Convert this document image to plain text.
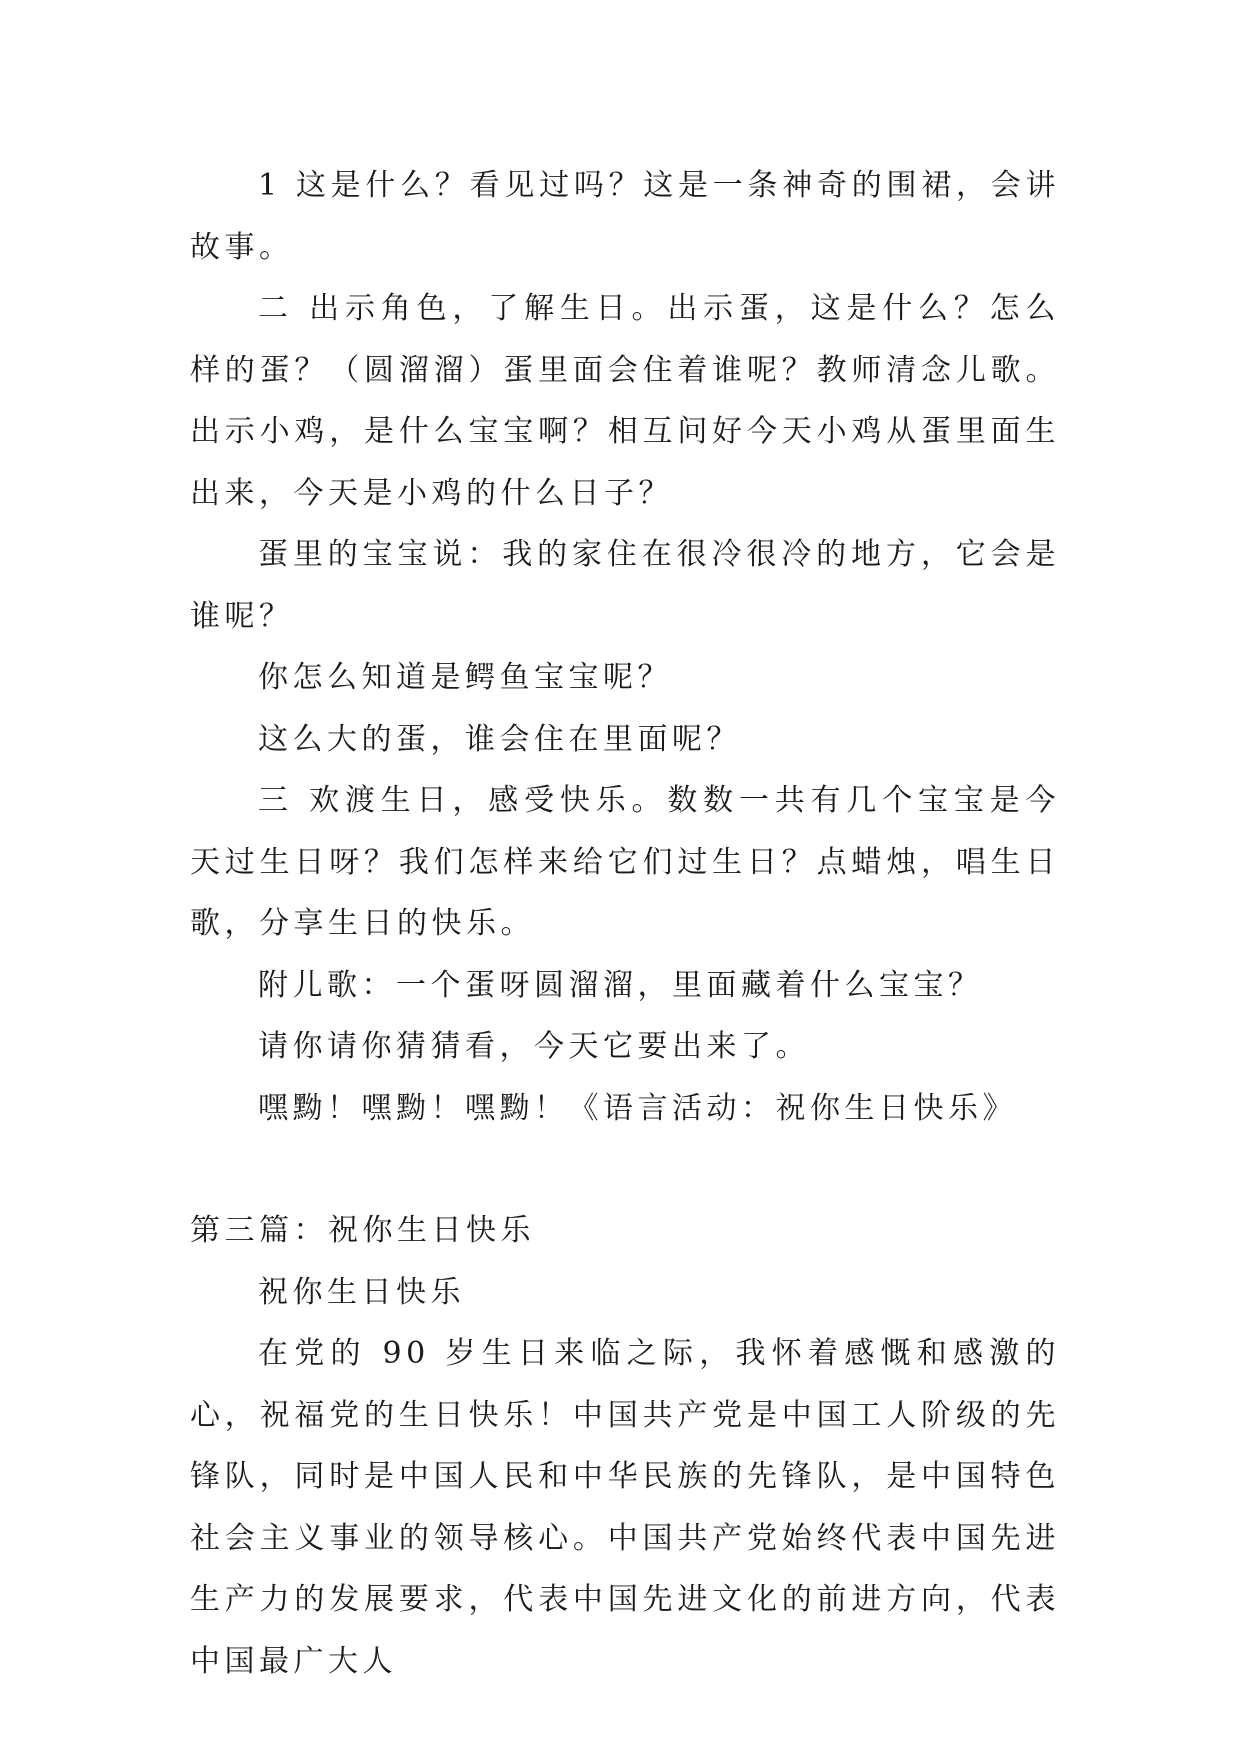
1 这是什么？看见过吗？这是一条神奇的围裙，会讲故事。

二 出示角色，了解生日。出示蛋，这是什么？怎么样的蛋？（圆溜溜）蛋里面会住着谁呢？教师清念儿歌。出示小鸡，是什么宝宝啊？相互问好今天小鸡从蛋里面生出来，今天是小鸡的什么日子？

蛋里的宝宝说：我的家住在很冷很冷的地方，它会是谁呢？

你怎么知道是鳄鱼宝宝呢？

这么大的蛋，谁会住在里面呢？

三 欢渡生日，感受快乐。数数一共有几个宝宝是今天过生日呀？我们怎样来给它们过生日？点蜡烛，唱生日歌，分享生日的快乐。

附儿歌：一个蛋呀圆溜溜，里面藏着什么宝宝？

请你请你猜猜看，今天它要出来了。

嘿黝！嘿黝！嘿黝！《语言活动：祝你生日快乐》

第三篇：祝你生日快乐

祝你生日快乐

在党的 90 岁生日来临之际，我怀着感慨和感激的心，祝福党的生日快乐！中国共产党是中国工人阶级的先锋队，同时是中国人民和中华民族的先锋队，是中国特色社会主义事业的领导核心。中国共产党始终代表中国先进生产力的发展要求，代表中国先进文化的前进方向，代表中国最广大人
